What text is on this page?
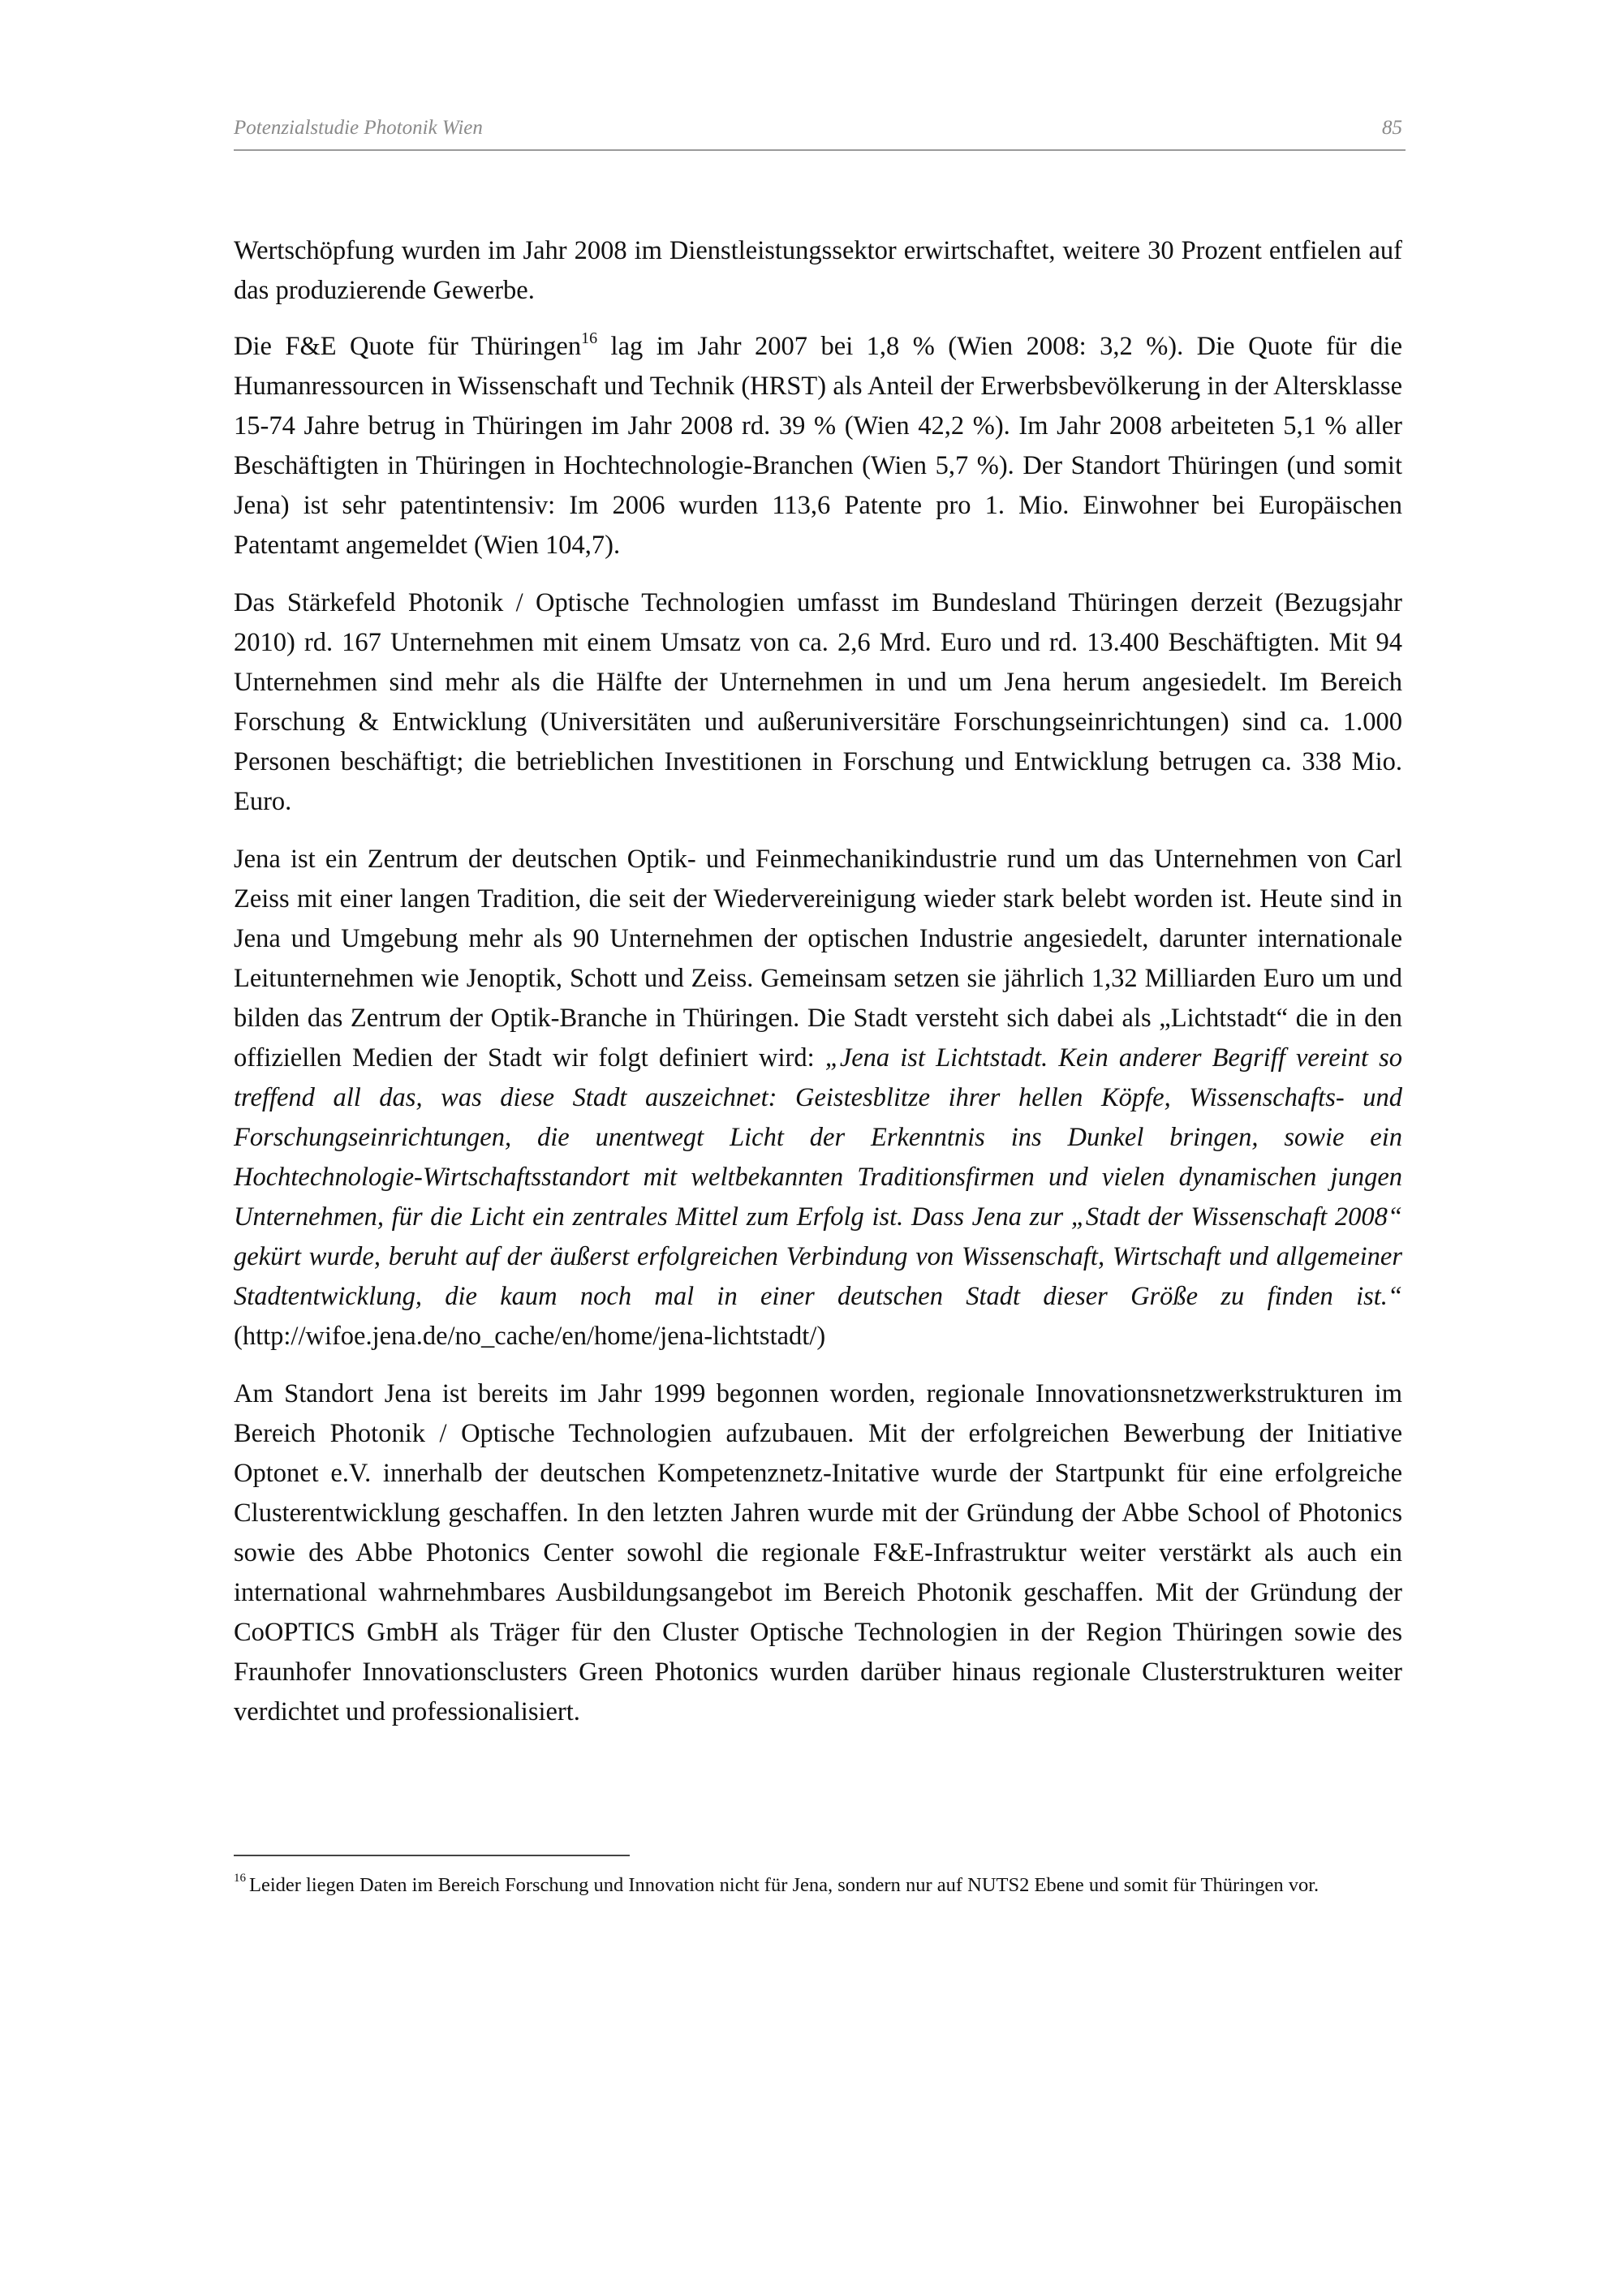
Potenzialstudie Photonik Wien	85

Wertschöpfung wurden im Jahr 2008 im Dienstleistungssektor erwirtschaftet, weitere 30 Prozent entfielen auf das produzierende Gewerbe.

Die F&E Quote für Thüringen$^{16}$ lag im Jahr 2007 bei 1,8 % (Wien 2008: 3,2 %). Die Quote für die Humanressourcen in Wissenschaft und Technik (HRST) als Anteil der Erwerbsbevölkerung in der Altersklasse 15-74 Jahre betrug in Thüringen im Jahr 2008 rd. 39 % (Wien 42,2 %). Im Jahr 2008 arbeiteten 5,1 % aller Beschäftigten in Thüringen in Hochtechnologie-Branchen (Wien 5,7 %). Der Standort Thüringen (und somit Jena) ist sehr patentintensiv: Im 2006 wurden 113,6 Patente pro 1. Mio. Einwohner bei Europäischen Patentamt angemeldet (Wien 104,7).

Das Stärkefeld Photonik / Optische Technologien umfasst im Bundesland Thüringen derzeit (Bezugsjahr 2010) rd. 167 Unternehmen mit einem Umsatz von ca. 2,6 Mrd. Euro und rd. 13.400 Beschäftigten. Mit 94 Unternehmen sind mehr als die Hälfte der Unternehmen in und um Jena herum angesiedelt. Im Bereich Forschung & Entwicklung (Universitäten und außeruniversitäre Forschungseinrichtungen) sind ca. 1.000 Personen beschäftigt; die betrieblichen Investitionen in Forschung und Entwicklung betrugen ca. 338 Mio. Euro.

Jena ist ein Zentrum der deutschen Optik- und Feinmechanikindustrie rund um das Unternehmen von Carl Zeiss mit einer langen Tradition, die seit der Wiedervereinigung wieder stark belebt worden ist. Heute sind in Jena und Umgebung mehr als 90 Unternehmen der optischen Industrie angesiedelt, darunter internationale Leitunternehmen wie Jenoptik, Schott und Zeiss. Gemeinsam setzen sie jährlich 1,32 Milliarden Euro um und bilden das Zentrum der Optik-Branche in Thüringen. Die Stadt versteht sich dabei als „Lichtstadt“ die in den offiziellen Medien der Stadt wir folgt definiert wird: „Jena ist Lichtstadt. Kein anderer Begriff vereint so treffend all das, was diese Stadt auszeichnet: Geistesblitze ihrer hellen Köpfe, Wissenschafts- und Forschungseinrichtungen, die unentwegt Licht der Erkenntnis ins Dunkel bringen, sowie ein Hochtechnologie-Wirtschaftsstandort mit weltbekannten Traditionsfirmen und vielen dynamischen jungen Unternehmen, für die Licht ein zentrales Mittel zum Erfolg ist. Dass Jena zur „Stadt der Wissenschaft 2008“ gekürt wurde, beruht auf der äußerst erfolgreichen Verbindung von Wissenschaft, Wirtschaft und allgemeiner Stadtentwicklung, die kaum noch mal in einer deutschen Stadt dieser Größe zu finden ist.“ (http://wifoe.jena.de/no_cache/en/home/jena-lichtstadt/)

Am Standort Jena ist bereits im Jahr 1999 begonnen worden, regionale Innovationsnetzwerkstrukturen im Bereich Photonik / Optische Technologien aufzubauen. Mit der erfolgreichen Bewerbung der Initiative Optonet e.V. innerhalb der deutschen Kompetenznetz-Initative wurde der Startpunkt für eine erfolgreiche Clusterentwicklung geschaffen. In den letzten Jahren wurde mit der Gründung der Abbe School of Photonics sowie des Abbe Photonics Center sowohl die regionale F&E-Infrastruktur weiter verstärkt als auch ein international wahrnehmbares Ausbildungsangebot im Bereich Photonik geschaffen. Mit der Gründung der CoOPTICS GmbH als Träger für den Cluster Optische Technologien in der Region Thüringen sowie des Fraunhofer Innovationsclusters Green Photonics wurden darüber hinaus regionale Clusterstrukturen weiter verdichtet und professionalisiert.

$^{16}$ Leider liegen Daten im Bereich Forschung und Innovation nicht für Jena, sondern nur auf NUTS2 Ebene und somit für Thüringen vor.
